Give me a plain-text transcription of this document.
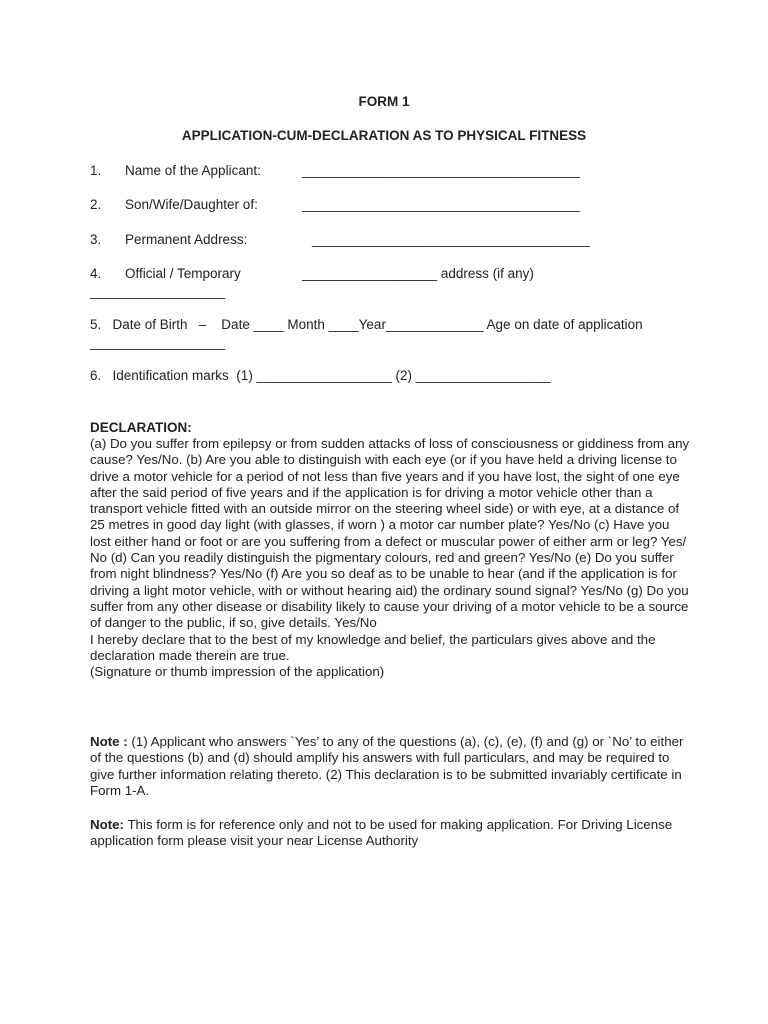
FORM 1
APPLICATION-CUM-DECLARATION AS TO PHYSICAL FITNESS
1. Name of the Applicant:	_____________________________________
2. Son/Wife/Daughter of:	_____________________________________
3. Permanent Address:	_____________________________________
4. Official / Temporary	__________________ address (if any)
__________________
5.   Date of Birth   –    Date ____ Month ____Year_____________ Age on date of application
__________________
6.   Identification marks  (1) __________________ (2) __________________
DECLARATION:

(a) Do you suffer from epilepsy or from sudden attacks of loss of consciousness or giddiness from any cause? Yes/No. (b) Are you able to distinguish with each eye (or if you have held a driving license to drive a motor vehicle for a period of not less than five years and if you have lost, the sight of one eye after the said period of five years and if the application is for driving a motor vehicle other than a transport vehicle fitted with an outside mirror on the steering wheel side) or with eye, at a distance of 25 metres in good day light (with glasses, if worn ) a motor car number plate? Yes/No (c) Have you lost either hand or foot or are you suffering from a defect or muscular power of either arm or leg? Yes/ No (d) Can you readily distinguish the pigmentary colours, red and green? Yes/No (e) Do you suffer from night blindness? Yes/No (f) Are you so deaf as to be unable to hear (and if the application is for driving a light motor vehicle, with or without hearing aid) the ordinary sound signal? Yes/No (g) Do you suffer from any other disease or disability likely to cause your driving of a motor vehicle to be a source of danger to the public, if so, give details. Yes/No

I hereby declare that to the best of my knowledge and belief, the particulars gives above and the declaration made therein are true.

(Signature or thumb impression of the application)

Note : (1) Applicant who answers `Yes’ to any of the questions (a), (c), (e), (f) and (g) or `No’ to either of the questions (b) and (d) should amplify his answers with full particulars, and may be required to give further information relating thereto. (2) This declaration is to be submitted invariably certificate in Form 1-A.

Note: This form is for reference only and not to be used for making application. For Driving License application form please visit your near License Authority
